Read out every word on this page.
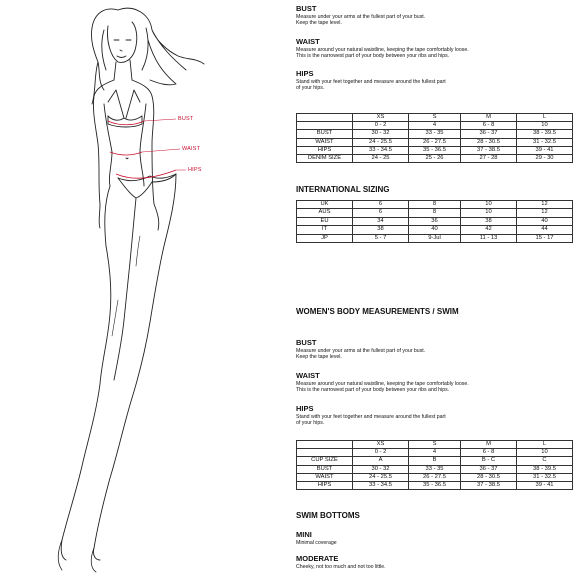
BUST
WAIST
HIPS
BUST
Measure under your arms at the fullest part of your bust.
Keep the tape level.
WAIST
Measure around your natural waistline, keeping the tape comfortably loose.
This is the narrowest part of your body between your ribs and hips.
HIPS
Stand with your feet together and measure around the fullest part
of your hips.
	XS	S	M	L
	0 - 2	4	6 - 8	10
BUST	30 - 32	33 - 35	36 - 37	38 - 39.5
WAIST	24 - 25.5	26 - 27.5	28 - 30.5	31 - 32.5
HIPS	33 - 34.5	35 - 36.5	37 - 38.5	39 - 41
DENIM SIZE	24 - 25	25 - 26	27 - 28	29 - 30
INTERNATIONAL SIZING
UK	6	8	10	12
AUS	6	8	10	12
EU	34	36	38	40
IT	38	40	42	44
JP	5 - 7	9-Jul	11 - 13	15 - 17
WOMEN'S BODY MEASUREMENTS / SWIM
BUST
Measure under your arms at the fullest part of your bust.
Keep the tape level.
WAIST
Measure around your natural waistline, keeping the tape comfortably loose.
This is the narrowest part of your body between your ribs and hips.
HIPS
Stand with your feet together and measure around the fullest part
of your hips.
	XS	S	M	L
	0 - 2	4	6 - 8	10
CUP SIZE	A	B	B - C	C
BUST	30 - 32	33 - 35	36 - 37	38 - 39.5
WAIST	24 - 25.5	26 - 27.5	28 - 30.5	31 - 32.5
HIPS	33 - 34.5	35 - 36.5	37 - 38.5	39 - 41
SWIM BOTTOMS
MINI
Minimal coverage
MODERATE
Cheeky, not too much and not too little.
